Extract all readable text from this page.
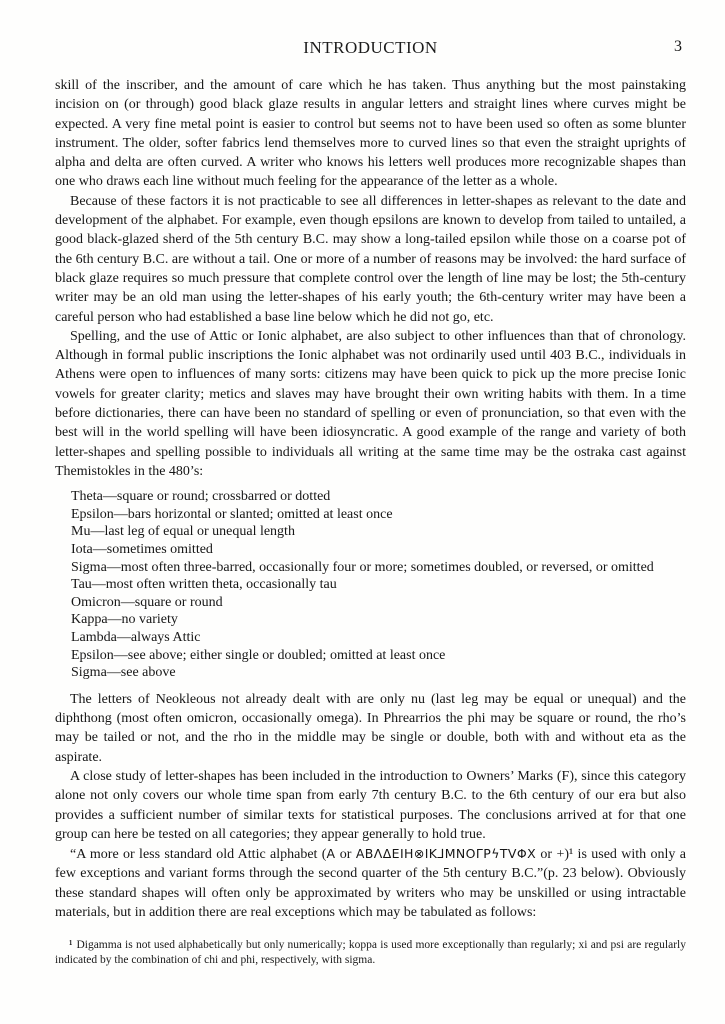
INTRODUCTION	3

skill of the inscriber, and the amount of care which he has taken. Thus anything but the most painstaking incision on (or through) good black glaze results in angular letters and straight lines where curves might be expected. A very fine metal point is easier to control but seems not to have been used so often as some blunter instrument. The older, softer fabrics lend themselves more to curved lines so that even the straight uprights of alpha and delta are often curved. A writer who knows his letters well produces more recognizable shapes than one who draws each line without much feeling for the appearance of the letter as a whole.

Because of these factors it is not practicable to see all differences in letter-shapes as relevant to the date and development of the alphabet. For example, even though epsilons are known to develop from tailed to untailed, a good black-glazed sherd of the 5th century B.C. may show a long-tailed epsilon while those on a coarse pot of the 6th century B.C. are without a tail. One or more of a number of reasons may be involved: the hard surface of black glaze requires so much pressure that complete control over the length of line may be lost; the 5th-century writer may be an old man using the letter-shapes of his early youth; the 6th-century writer may have been a careful person who had established a base line below which he did not go, etc.

Spelling, and the use of Attic or Ionic alphabet, are also subject to other influences than that of chronology. Although in formal public inscriptions the Ionic alphabet was not ordinarily used until 403 B.C., individuals in Athens were open to influences of many sorts: citizens may have been quick to pick up the more precise Ionic vowels for greater clarity; metics and slaves may have brought their own writing habits with them. In a time before dictionaries, there can have been no standard of spelling or even of pronunciation, so that even with the best will in the world spelling will have been idiosyncratic. A good example of the range and variety of both letter-shapes and spelling possible to individuals all writing at the same time may be the ostraka cast against Themistokles in the 480’s:

Theta—square or round; crossbarred or dotted
Epsilon—bars horizontal or slanted; omitted at least once
Mu—last leg of equal or unequal length
Iota—sometimes omitted
Sigma—most often three-barred, occasionally four or more; sometimes doubled, or reversed, or omitted
Tau—most often written theta, occasionally tau
Omicron—square or round
Kappa—no variety
Lambda—always Attic
Epsilon—see above; either single or doubled; omitted at least once
Sigma—see above

The letters of Neokleous not already dealt with are only nu (last leg may be equal or unequal) and the diphthong (most often omicron, occasionally omega). In Phrearrios the phi may be square or round, the rho’s may be tailed or not, and the rho in the middle may be single or double, both with and without eta as the aspirate.

A close study of letter-shapes has been included in the introduction to Owners’ Marks (F), since this category alone not only covers our whole time span from early 7th century B.C. to the 6th century of our era but also provides a sufficient number of similar texts for statistical purposes. The conclusions arrived at for that one group can here be tested on all categories; they appear generally to hold true.

“A more or less standard old Attic alphabet (Α or ΑΒΛΔΕΙΗ⊗ΙΚ⅃ΜΝΟΓΡϟΤVΦΧ or +)¹ is used with only a few exceptions and variant forms through the second quarter of the 5th century B.C.”(p. 23 below). Obviously these standard shapes will often only be approximated by writers who may be unskilled or using intractable materials, but in addition there are real exceptions which may be tabulated as follows:

¹ Digamma is not used alphabetically but only numerically; koppa is used more exceptionally than regularly; xi and psi are regularly indicated by the combination of chi and phi, respectively, with sigma.
